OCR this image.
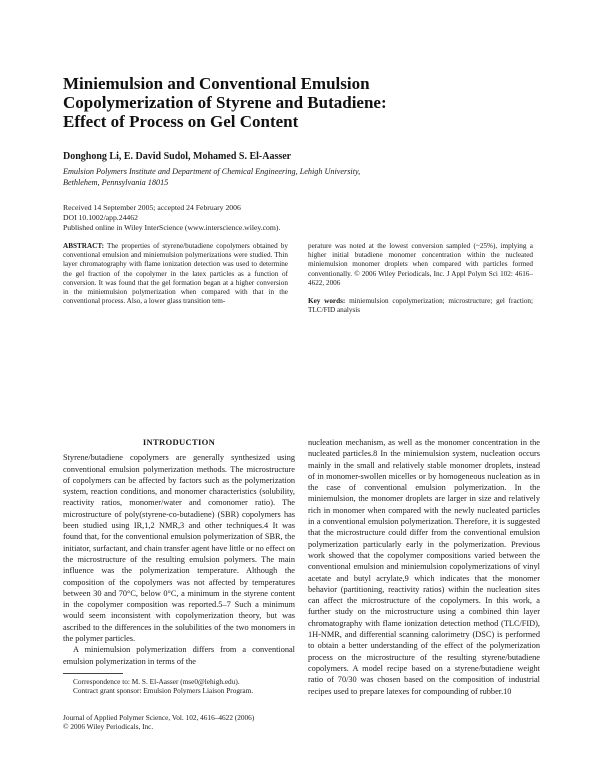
Miniemulsion and Conventional Emulsion
Copolymerization of Styrene and Butadiene:
Effect of Process on Gel Content
Donghong Li, E. David Sudol, Mohamed S. El-Aasser
Emulsion Polymers Institute and Department of Chemical Engineering, Lehigh University,
Bethlehem, Pennsylvania 18015
Received 14 September 2005; accepted 24 February 2006
DOI 10.1002/app.24462
Published online in Wiley InterScience (www.interscience.wiley.com).
ABSTRACT: The properties of styrene/butadiene copolymers obtained by conventional emulsion and miniemulsion polymerizations were studied. Thin layer chromatography with flame ionization detection was used to determine the gel fraction of the copolymer in the latex particles as a function of conversion. It was found that the gel formation began at a higher conversion in the miniemulsion polymerization when compared with that in the conventional process. Also, a lower glass transition tem-
perature was noted at the lowest conversion sampled (~25%), implying a higher initial butadiene monomer concentration within the nucleated miniemulsion monomer droplets when compared with particles formed conventionally. © 2006 Wiley Periodicals, Inc. J Appl Polym Sci 102: 4616–4622, 2006
Key words: miniemulsion copolymerization; microstructure; gel fraction; TLC/FID analysis
INTRODUCTION

Styrene/butadiene copolymers are generally synthesized using conventional emulsion polymerization methods. The microstructure of copolymers can be affected by factors such as the polymerization system, reaction conditions, and monomer characteristics (solubility, reactivity ratios, monomer/water and comonomer ratio). The microstructure of poly(styrene-co-butadiene) (SBR) copolymers has been studied using IR,1,2 NMR,3 and other techniques.4 It was found that, for the conventional emulsion polymerization of SBR, the initiator, surfactant, and chain transfer agent have little or no effect on the microstructure of the resulting emulsion polymers. The main influence was the polymerization temperature. Although the composition of the copolymers was not affected by temperatures between 30 and 70°C, below 0°C, a minimum in the styrene content in the copolymer composition was reported.5–7 Such a minimum would seem inconsistent with copolymerization theory, but was ascribed to the differences in the solubilities of the two monomers in the polymer particles.

A miniemulsion polymerization differs from a conventional emulsion polymerization in terms of the

nucleation mechanism, as well as the monomer concentration in the nucleated particles.8 In the miniemulsion system, nucleation occurs mainly in the small and relatively stable monomer droplets, instead of in monomer-swollen micelles or by homogeneous nucleation as in the case of conventional emulsion polymerization. In the miniemulsion, the monomer droplets are larger in size and relatively rich in monomer when compared with the newly nucleated particles in a conventional emulsion polymerization. Therefore, it is suggested that the microstructure could differ from the conventional emulsion polymerization particularly early in the polymerization. Previous work showed that the copolymer compositions varied between the conventional emulsion and miniemulsion copolymerizations of vinyl acetate and butyl acrylate,9 which indicates that the monomer behavior (partitioning, reactivity ratios) within the nucleation sites can affect the microstructure of the copolymers. In this work, a further study on the microstructure using a combined thin layer chromatography with flame ionization detection method (TLC/FID), 1H-NMR, and differential scanning calorimetry (DSC) is performed to obtain a better understanding of the effect of the polymerization process on the microstructure of the resulting styrene/butadiene copolymers. A model recipe based on a styrene/butadiene weight ratio of 70/30 was chosen based on the composition of industrial recipes used to prepare latexes for compounding of rubber.10

Correspondence to: M. S. El-Aasser (mse0@lehigh.edu).
Contract grant sponsor: Emulsion Polymers Liaison Program.
Journal of Applied Polymer Science, Vol. 102, 4616–4622 (2006)
© 2006 Wiley Periodicals, Inc.
